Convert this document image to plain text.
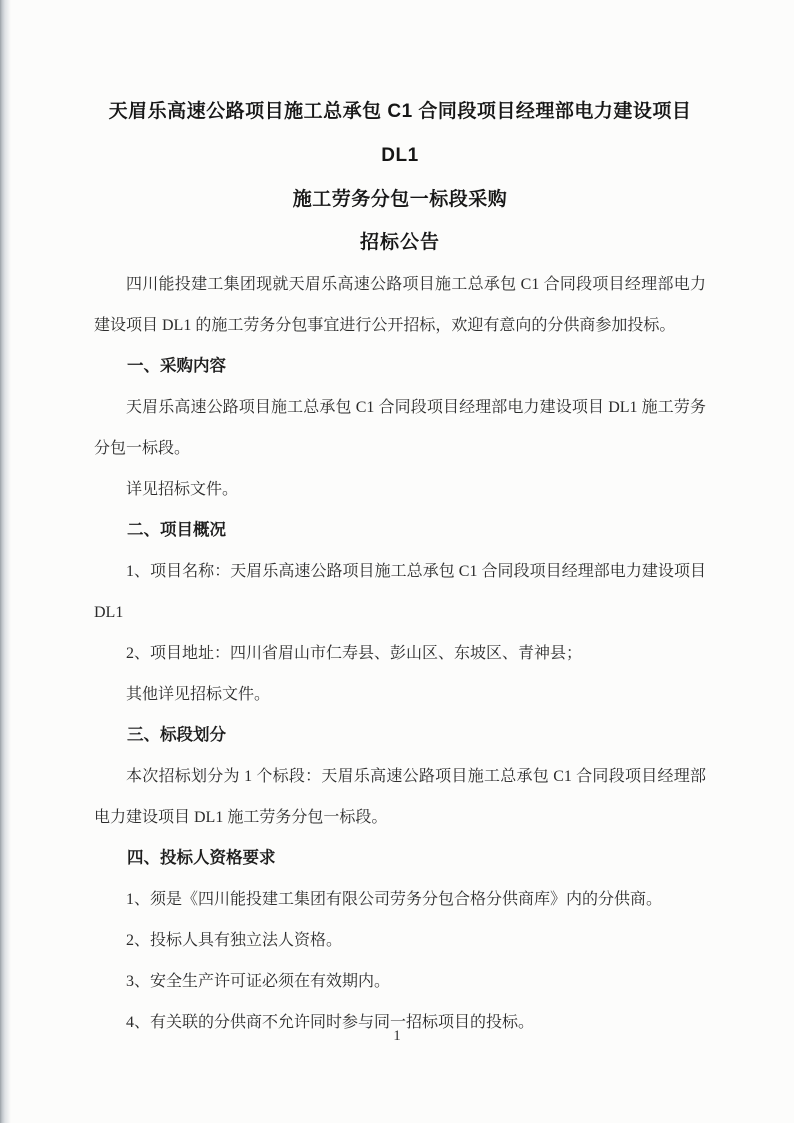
天眉乐高速公路项目施工总承包 C1 合同段项目经理部电力建设项目 DL1
施工劳务分包一标段采购
招标公告

四川能投建工集团现就天眉乐高速公路项目施工总承包 C1 合同段项目经理部电力建设项目 DL1 的施工劳务分包事宜进行公开招标，欢迎有意向的分供商参加投标。

一、采购内容

天眉乐高速公路项目施工总承包 C1 合同段项目经理部电力建设项目 DL1 施工劳务分包一标段。

详见招标文件。

二、项目概况

1、项目名称：天眉乐高速公路项目施工总承包 C1 合同段项目经理部电力建设项目 DL1

2、项目地址：四川省眉山市仁寿县、彭山区、东坡区、青神县；

其他详见招标文件。

三、标段划分

本次招标划分为 1 个标段：天眉乐高速公路项目施工总承包 C1 合同段项目经理部电力建设项目 DL1 施工劳务分包一标段。

四、投标人资格要求

1、须是《四川能投建工集团有限公司劳务分包合格分供商库》内的分供商。

2、投标人具有独立法人资格。

3、安全生产许可证必须在有效期内。

4、有关联的分供商不允许同时参与同一招标项目的投标。

1
